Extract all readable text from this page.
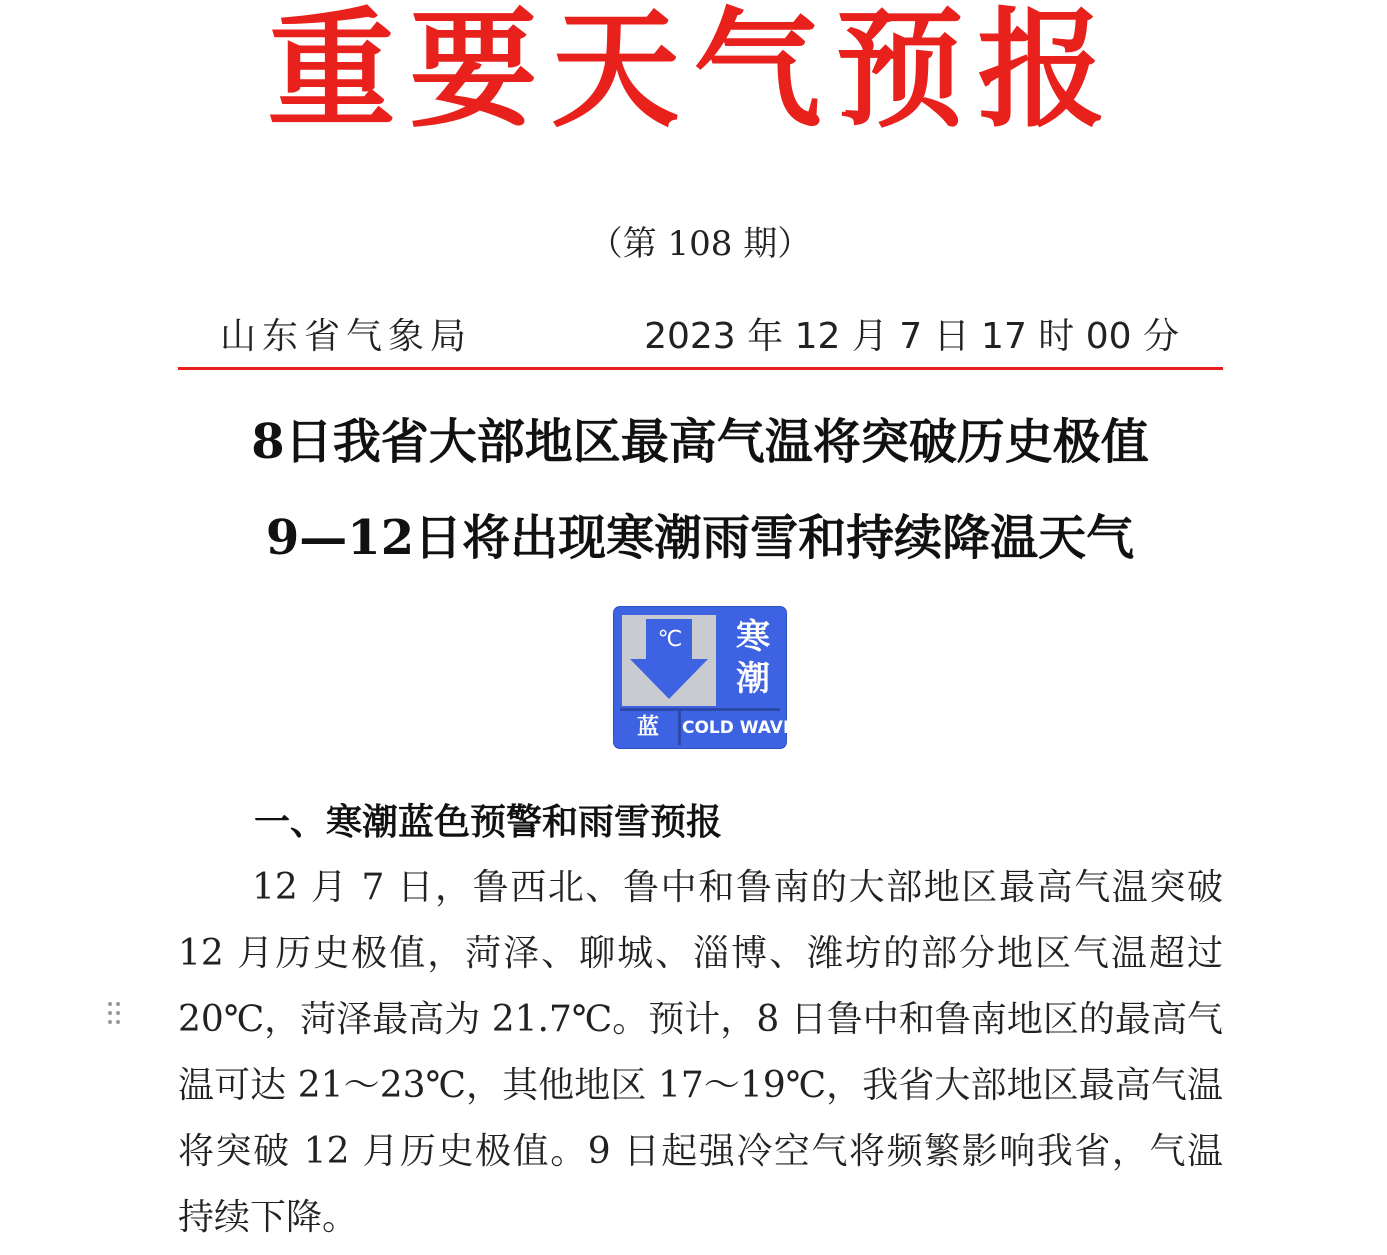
重要天气预报
（第 108 期）
山东省气象局	2023 年 12 月 7 日 17 时 00 分
8日我省大部地区最高气温将突破历史极值
9—12日将出现寒潮雨雪和持续降温天气
℃	寒
潮
蓝	COLD WAVE
一、寒潮蓝色预警和雨雪预报
12 月 7 日，鲁西北、鲁中和鲁南的大部地区最高气温突破
12 月历史极值，菏泽、聊城、淄博、潍坊的部分地区气温超过
20℃，菏泽最高为 21.7℃。预计，8 日鲁中和鲁南地区的最高气
温可达 21～23℃，其他地区 17～19℃，我省大部地区最高气温
将突破 12 月历史极值。9 日起强冷空气将频繁影响我省，气温
持续下降。
